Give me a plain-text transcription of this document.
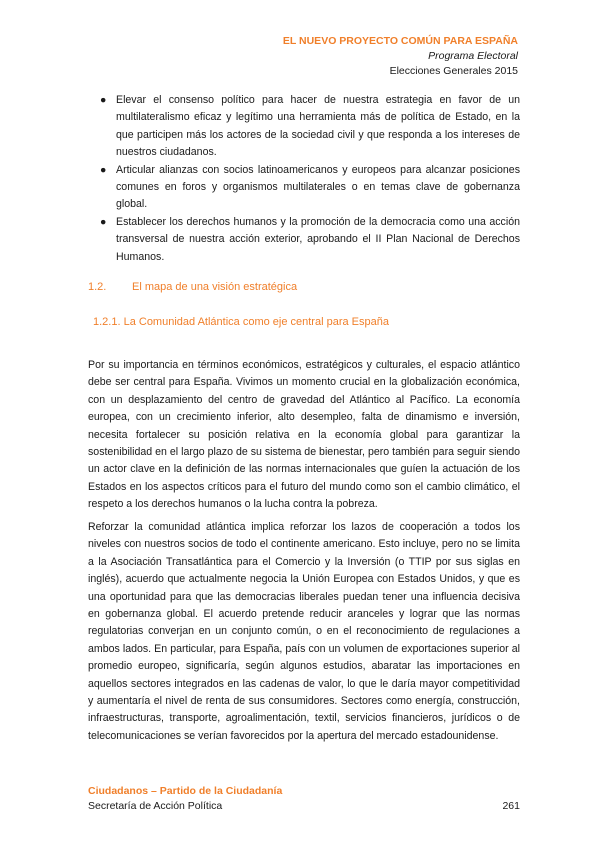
EL NUEVO PROYECTO COMÚN PARA ESPAÑA
Programa Electoral
Elecciones Generales 2015
● Elevar el consenso político para hacer de nuestra estrategia en favor de un multilateralismo eficaz y legítimo una herramienta más de política de Estado, en la que participen más los actores de la sociedad civil y que responda a los intereses de nuestros ciudadanos.
● Articular alianzas con socios latinoamericanos y europeos para alcanzar posiciones comunes en foros y organismos multilaterales o en temas clave de gobernanza global.
● Establecer los derechos humanos y la promoción de la democracia como una acción transversal de nuestra acción exterior, aprobando el II Plan Nacional de Derechos Humanos.
1.2. El mapa de una visión estratégica
1.2.1. La Comunidad Atlántica como eje central para España

Por su importancia en términos económicos, estratégicos y culturales, el espacio atlántico debe ser central para España. Vivimos un momento crucial en la globalización económica, con un desplazamiento del centro de gravedad del Atlántico al Pacífico. La economía europea, con un crecimiento inferior, alto desempleo, falta de dinamismo e inversión, necesita fortalecer su posición relativa en la economía global para garantizar la sostenibilidad en el largo plazo de su sistema de bienestar, pero también para seguir siendo un actor clave en la definición de las normas internacionales que guíen la actuación de los Estados en los aspectos críticos para el futuro del mundo como son el cambio climático, el respeto a los derechos humanos o la lucha contra la pobreza.

Reforzar la comunidad atlántica implica reforzar los lazos de cooperación a todos los niveles con nuestros socios de todo el continente americano. Esto incluye, pero no se limita a la Asociación Transatlántica para el Comercio y la Inversión (o TTIP por sus siglas en inglés), acuerdo que actualmente negocia la Unión Europea con Estados Unidos, y que es una oportunidad para que las democracias liberales puedan tener una influencia decisiva en gobernanza global. El acuerdo pretende reducir aranceles y lograr que las normas regulatorias converjan en un conjunto común, o en el reconocimiento de regulaciones a ambos lados. En particular, para España, país con un volumen de exportaciones superior al promedio europeo, significaría, según algunos estudios, abaratar las importaciones en aquellos sectores integrados en las cadenas de valor, lo que le daría mayor competitividad y aumentaría el nivel de renta de sus consumidores. Sectores como energía, construcción, infraestructuras, transporte, agroalimentación, textil, servicios financieros, jurídicos o de telecomunicaciones se verían favorecidos por la apertura del mercado estadounidense.

Ciudadanos – Partido de la Ciudadanía
Secretaría de Acción Política	261
